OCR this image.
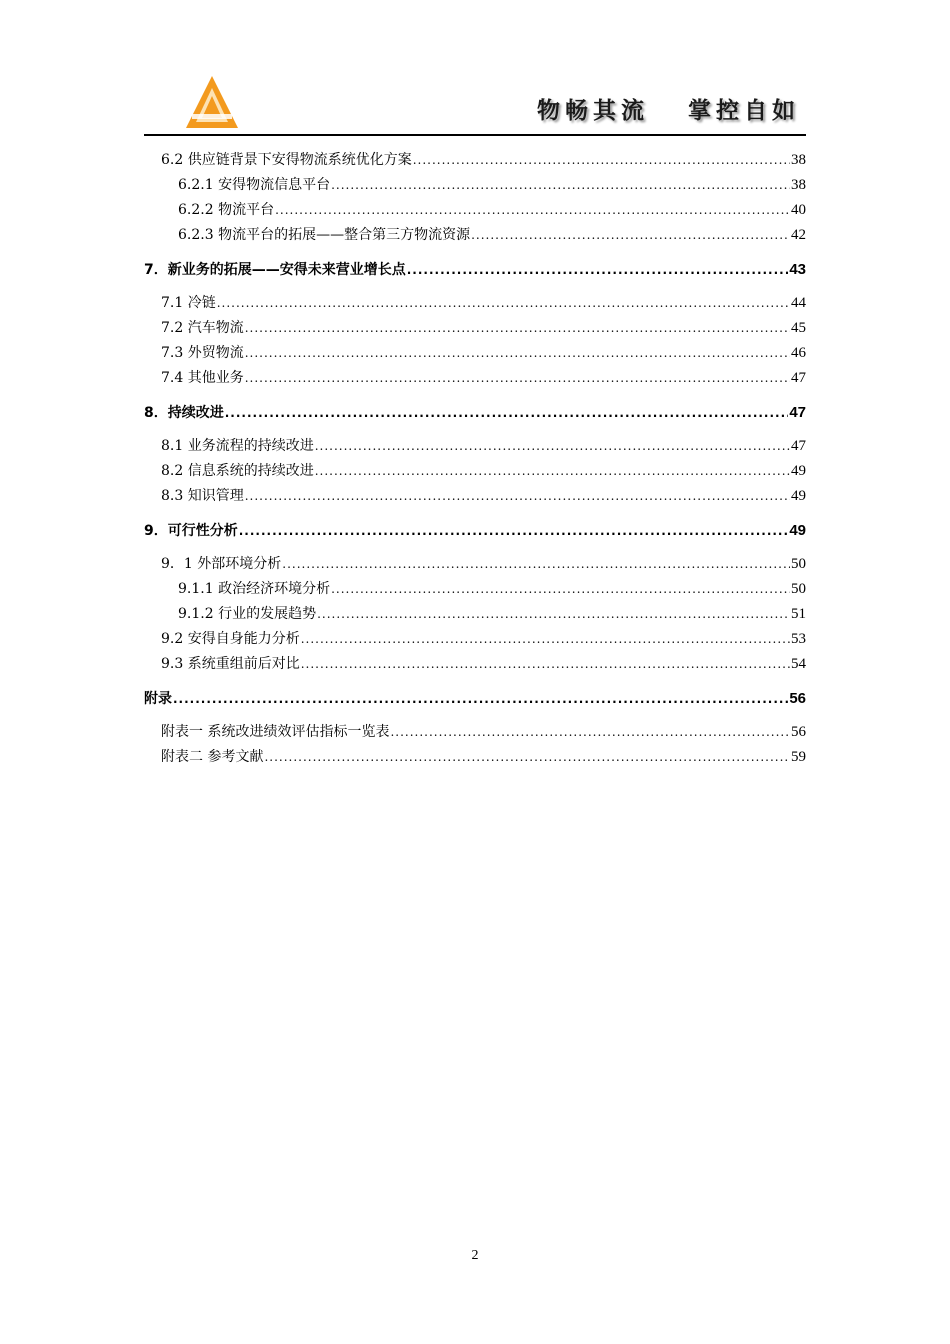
物畅其流   掌控自如
6.2 供应链背景下安得物流系统优化方案 .....	38
6.2.1 安得物流信息平台 .....	38
6.2.2 物流平台 .....	40
6.2.3 物流平台的拓展——整合第三方物流资源 .....	42
7．新业务的拓展——安得未来营业增长点 .....	43
7.1 冷链 .....	44
7.2 汽车物流 .....	45
7.3 外贸物流 .....	46
7.4 其他业务 .....	47
8．持续改进 .....	47
8.1 业务流程的持续改进 .....	47
8.2 信息系统的持续改进 .....	49
8.3 知识管理 .....	49
9．可行性分析 .....	49
9．1 外部环境分析 .....	50
9.1.1 政治经济环境分析 .....	50
9.1.2 行业的发展趋势 .....	51
9.2 安得自身能力分析 .....	53
9.3 系统重组前后对比 .....	54
附录 .....	56
附表一 系统改进绩效评估指标一览表 .....	56
附表二 参考文献 .....	59
2
